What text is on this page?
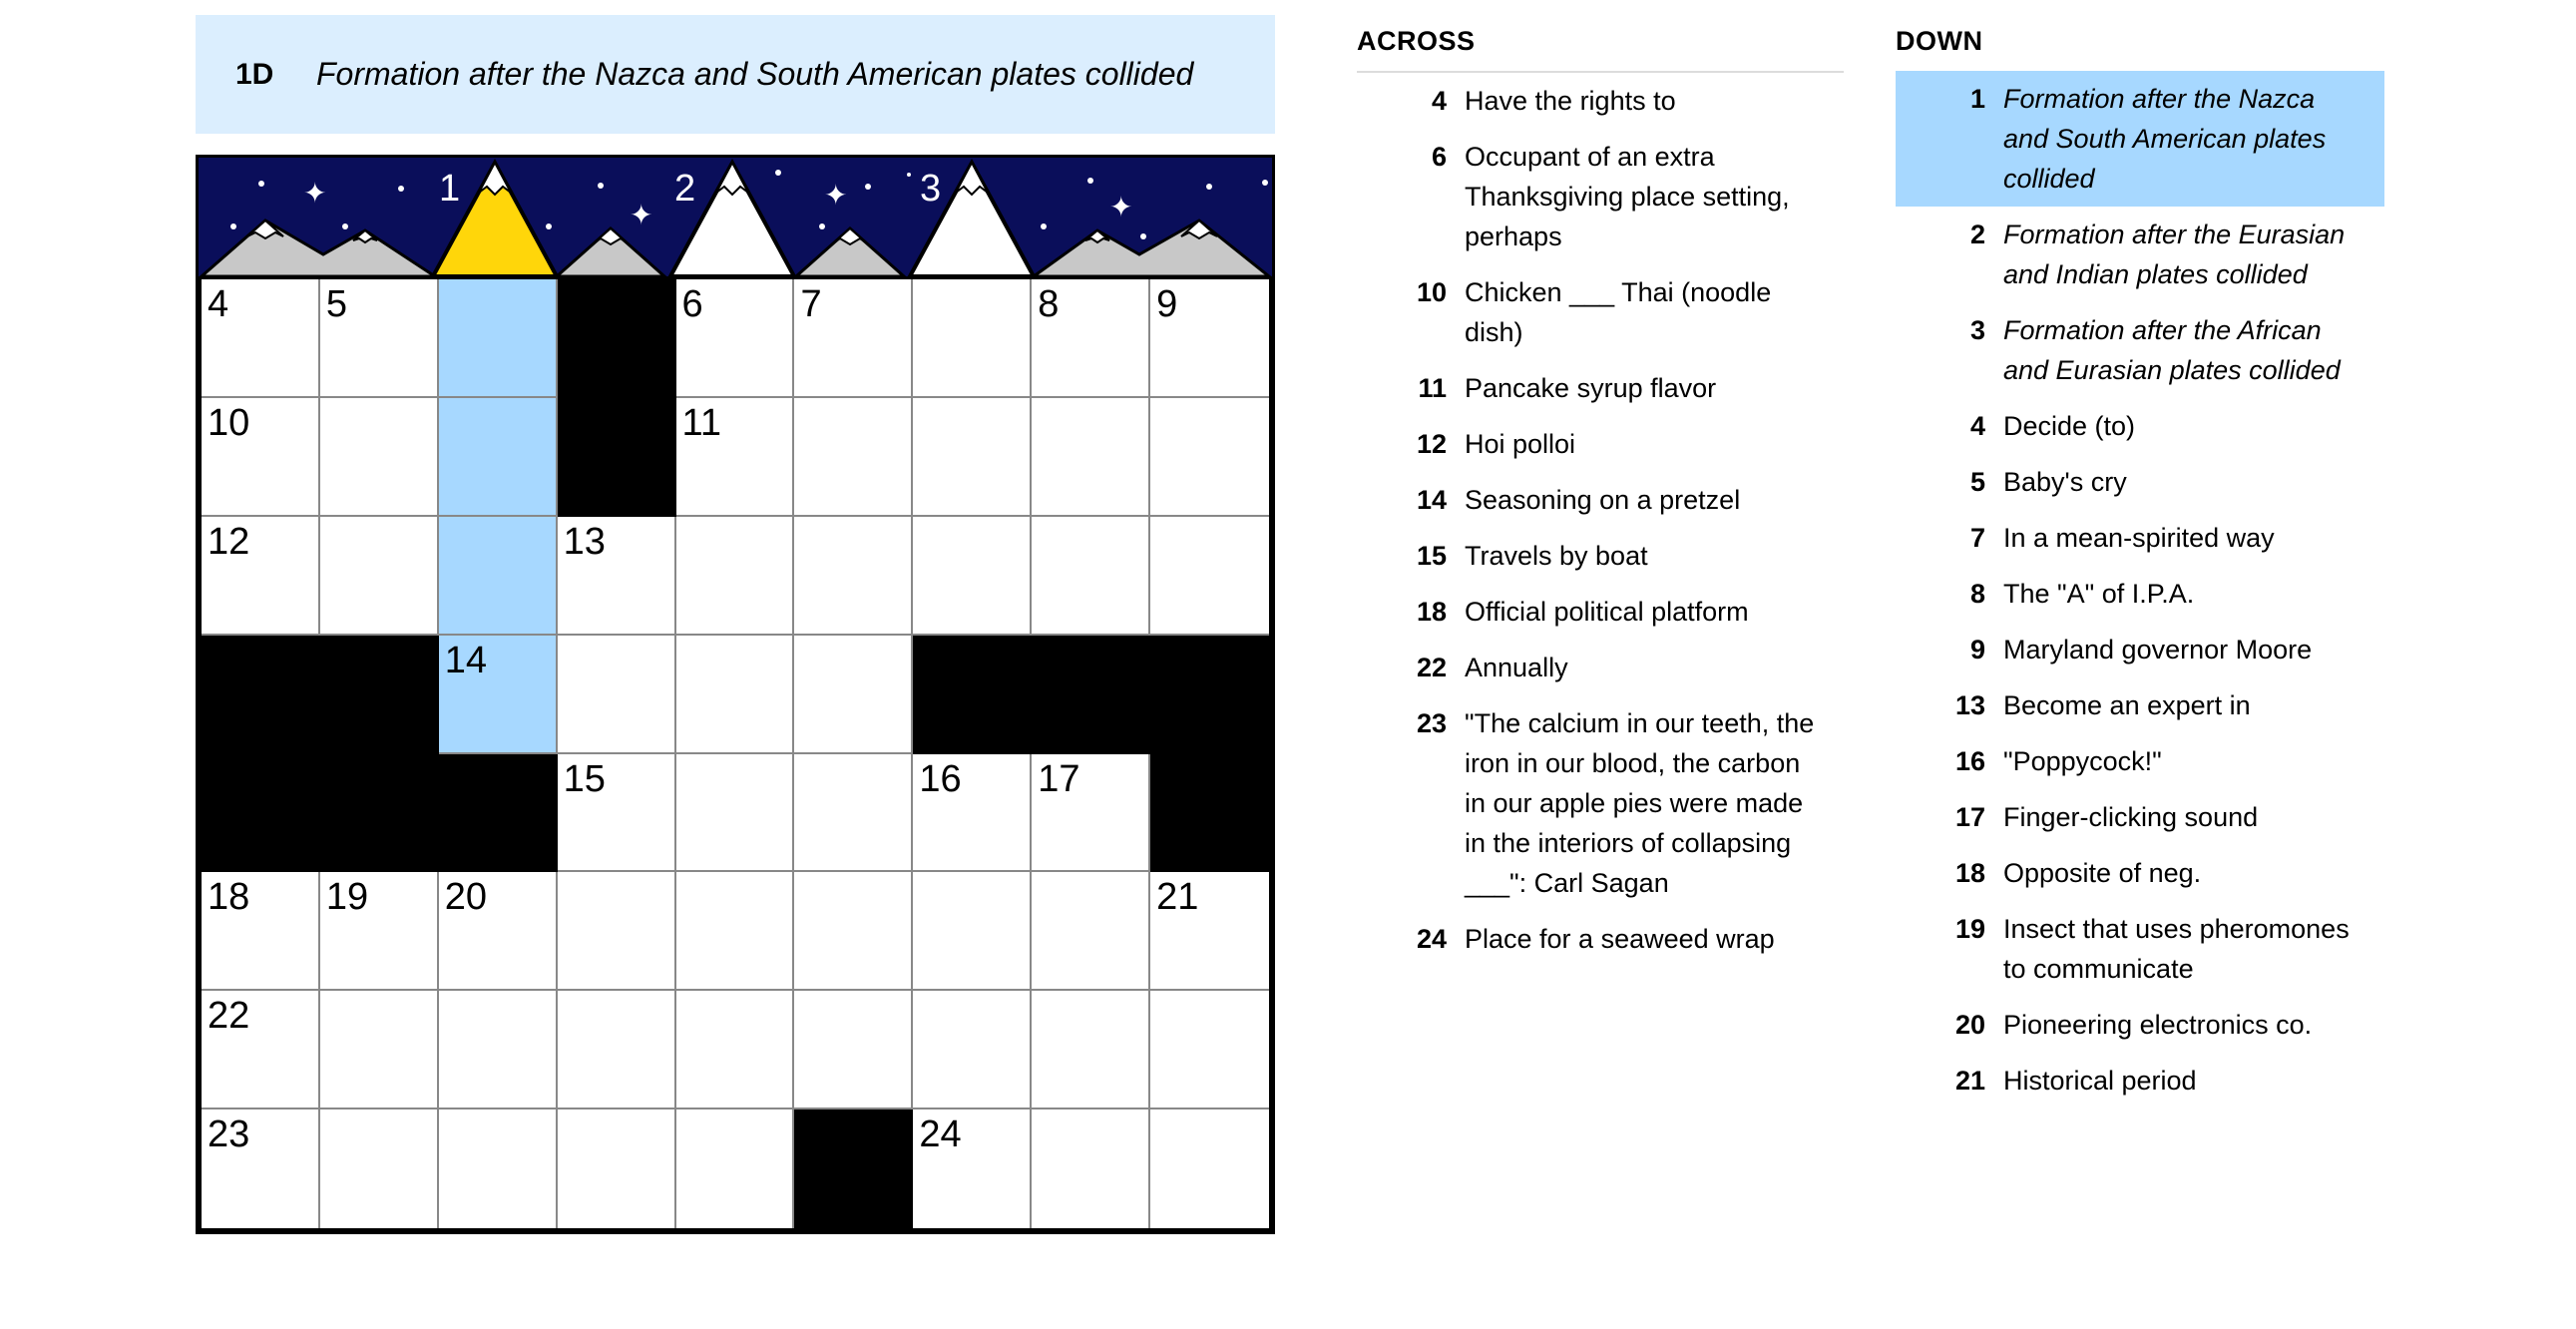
1D Formation after the Nazca and South American plates collided
✦
✦
✦	✦
1	2	3
4	5	6	7	8	9
10	11
12	13
14
15	16 17
18 19 20	21
22
23	24
ACROSS
4 Have the rights to
6 Occupant of an extra Thanksgiving place setting, perhaps
10 Chicken ___ Thai (noodle dish)
11 Pancake syrup flavor
12 Hoi polloi
14 Seasoning on a pretzel
15 Travels by boat
18 Official political platform
22 Annually
23 "The calcium in our teeth, the iron in our blood, the carbon in our apple pies were made in the interiors of collapsing ___": Carl Sagan
24 Place for a seaweed wrap
DOWN
1 Formation after the Nazca and South American plates collided
2 Formation after the Eurasian and Indian plates collided
3 Formation after the African and Eurasian plates collided
4 Decide (to)
5 Baby's cry
7 In a mean-spirited way
8 The "A" of I.P.A.
9 Maryland governor Moore
13 Become an expert in
16 "Poppycock!"
17 Finger-clicking sound
18 Opposite of neg.
19 Insect that uses pheromones to communicate
20 Pioneering electronics co.
21 Historical period
